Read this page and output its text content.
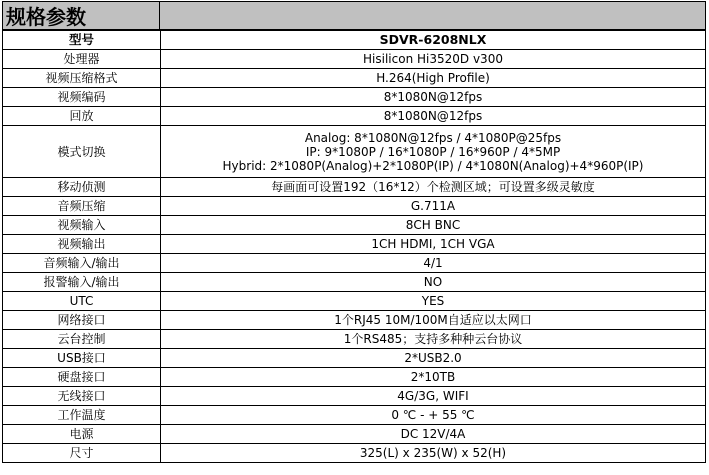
规格参数
型号	SDVR-6208NLX
处理器	Hisilicon Hi3520D v300
视频压缩格式	H.264(High Profile)
视频编码	8*1080N@12fps
回放	8*1080N@12fps
模式切换	Analog: 8*1080N@12fps / 4*1080P@25fps
IP: 9*1080P / 16*1080P / 16*960P / 4*5MP
Hybrid: 2*1080P(Analog)+2*1080P(IP) / 4*1080N(Analog)+4*960P(IP)

移动侦测	每画面可设置192（16*12）个检测区域；可设置多级灵敏度
音频压缩	G.711A
视频输入	8CH BNC
视频输出	1CH HDMI, 1CH VGA
音频输入/输出	4/1
报警输入/输出	NO
UTC	YES
网络接口	1个RJ45 10M/100M自适应以太网口
云台控制	1个RS485；支持多种种云台协议
USB接口	2*USB2.0
硬盘接口	2*10TB
无线接口	4G/3G, WIFI
工作温度	0 ℃ - + 55 ℃
电源	DC 12V/4A
尺寸	325(L) x 235(W) x 52(H)
